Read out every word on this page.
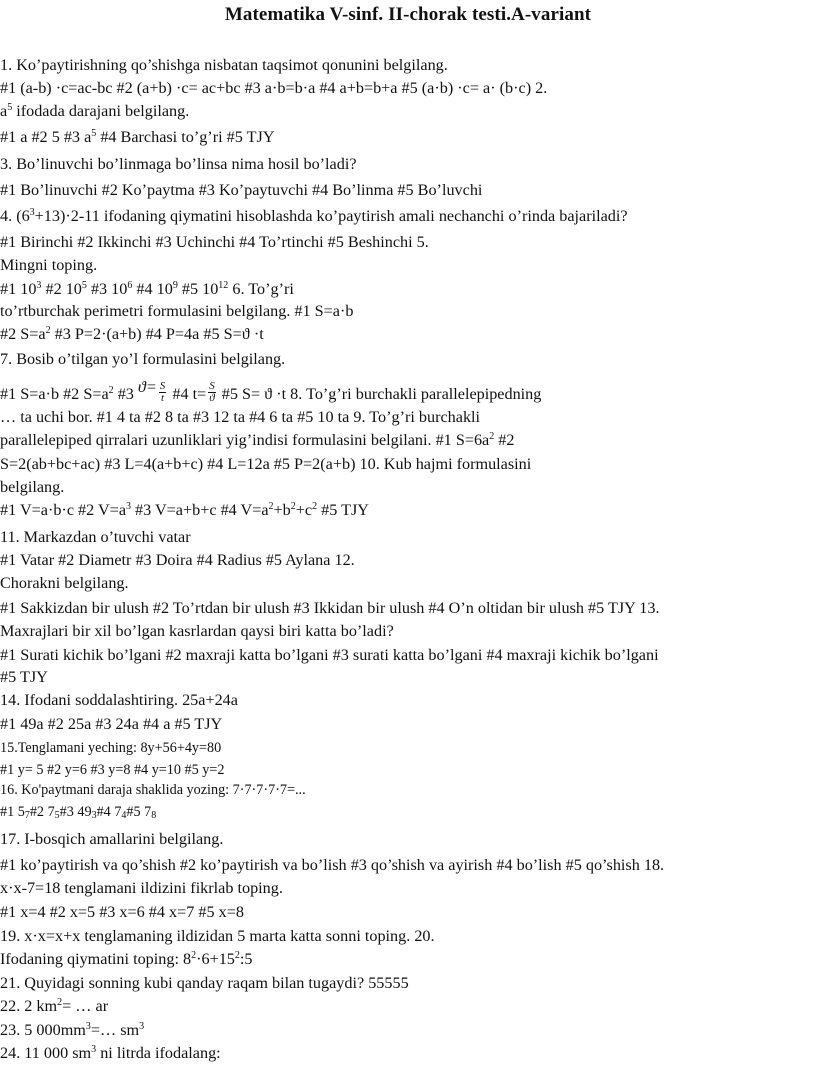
Matematika V-sinf. II-chorak testi.A-variant
1. Ko’paytirishning qo’shishga nisbatan taqsimot qonunini belgilang.
#1 (a-b) ·c=ac-bc #2 (a+b) ·c= ac+bc #3 a·b=b·a #4 a+b=b+a #5 (a·b) ·c= a· (b·c) 2.
$a^5$ ifodada darajani belgilang.
#1 a #2 5 #3 $a^5$ #4 Barchasi to’g’ri #5 TJY
3. Bo’linuvchi bo’linmaga bo’linsa nima hosil bo’ladi?
#1 Bo’linuvchi #2 Ko’paytma #3 Ko’paytuvchi #4 Bo’linma #5 Bo’luvchi
4. $(6^3+13)\cdot 2-11$ ifodaning qiymatini hisoblashda ko’paytirish amali nechanchi o’rinda bajariladi?
#1 Birinchi #2 Ikkinchi #3 Uchinchi #4 To’rtinchi #5 Beshinchi 5.
Mingni toping.
#1 $10^3$ #2 $10^5$ #3 $10^6$ #4 $10^9$ #5 $10^{12}$ 6. To’g’ri
to’rtburchak perimetri formulasini belgilang. #1 S=a·b
#2 $S=a^2$ #3 P=2·(a+b) #4 P=4a #5 S=ϑ ·t
7. Bosib o’tilgan yo’l formulasini belgilang.
#1 S=a·b #2 $S=a^2$ #3 $ϑ= \frac{S}{t}$ #4 $t= \frac{S}{ϑ}$ #5 S= ϑ ·t 8. To’g’ri burchakli parallelepipedning
… ta uchi bor. #1 4 ta #2 8 ta #3 12 ta #4 6 ta #5 10 ta 9. To’g’ri burchakli
parallelepiped qirralari uzunliklari yig’indisi formulasini belgilani. #1 $S=6a^2$ #2
S=2(ab+bc+ac) #3 L=4(a+b+c) #4 L=12a #5 P=2(a+b) 10. Kub hajmi formulasini
belgilang.
#1 V=a·b·c #2 $V=a^3$ #3 V=a+b+c #4 $V=a^2+b^2+c^2$ #5 TJY
11. Markazdan o’tuvchi vatar
#1 Vatar #2 Diametr #3 Doira #4 Radius #5 Aylana 12.
Chorakni belgilang.
#1 Sakkizdan bir ulush #2 To’rtdan bir ulush #3 Ikkidan bir ulush #4 O’n oltidan bir ulush #5 TJY 13.
Maxrajlari bir xil bo’lgan kasrlardan qaysi biri katta bo’ladi?
#1 Surati kichik bo’lgani #2 maxraji katta bo’lgani #3 surati katta bo’lgani #4 maxraji kichik bo’lgani
#5 TJY
14. Ifodani soddalashtiring. 25a+24a
#1 49a #2 25a #3 24a #4 a #5 TJY
15.Tenglamani yeching: 8y+56+4y=80
#1 y= 5 #2 y=6 #3 y=8 #4 y=10 #5 y=2
16. Ko'paytmani daraja shaklida yozing: 7·7·7·7·7=...
#1 $5_7\#2$ $7_5\#3$ $49_3\#4$ $7_4\#5$ $7_8$
17. I-bosqich amallarini belgilang.
#1 ko’paytirish va qo’shish #2 ko’paytirish va bo’lish #3 qo’shish va ayirish #4 bo’lish #5 qo’shish 18.
x·x-7=18 tenglamani ildizini fikrlab toping.
#1 x=4 #2 x=5 #3 x=6 #4 x=7 #5 x=8
19. x·x=x+x tenglamaning ildizidan 5 marta katta sonni toping. 20.
Ifodaning qiymatini toping: $8^2\cdot 6+15^2:5$
21. Quyidagi sonning kubi qanday raqam bilan tugaydi? 55555
22. 2 $km^2=$ … ar
23. 5 $000mm^3=\dots$ $sm^3$
24. 11 000 $sm^3$ ni litrda ifodalang:
